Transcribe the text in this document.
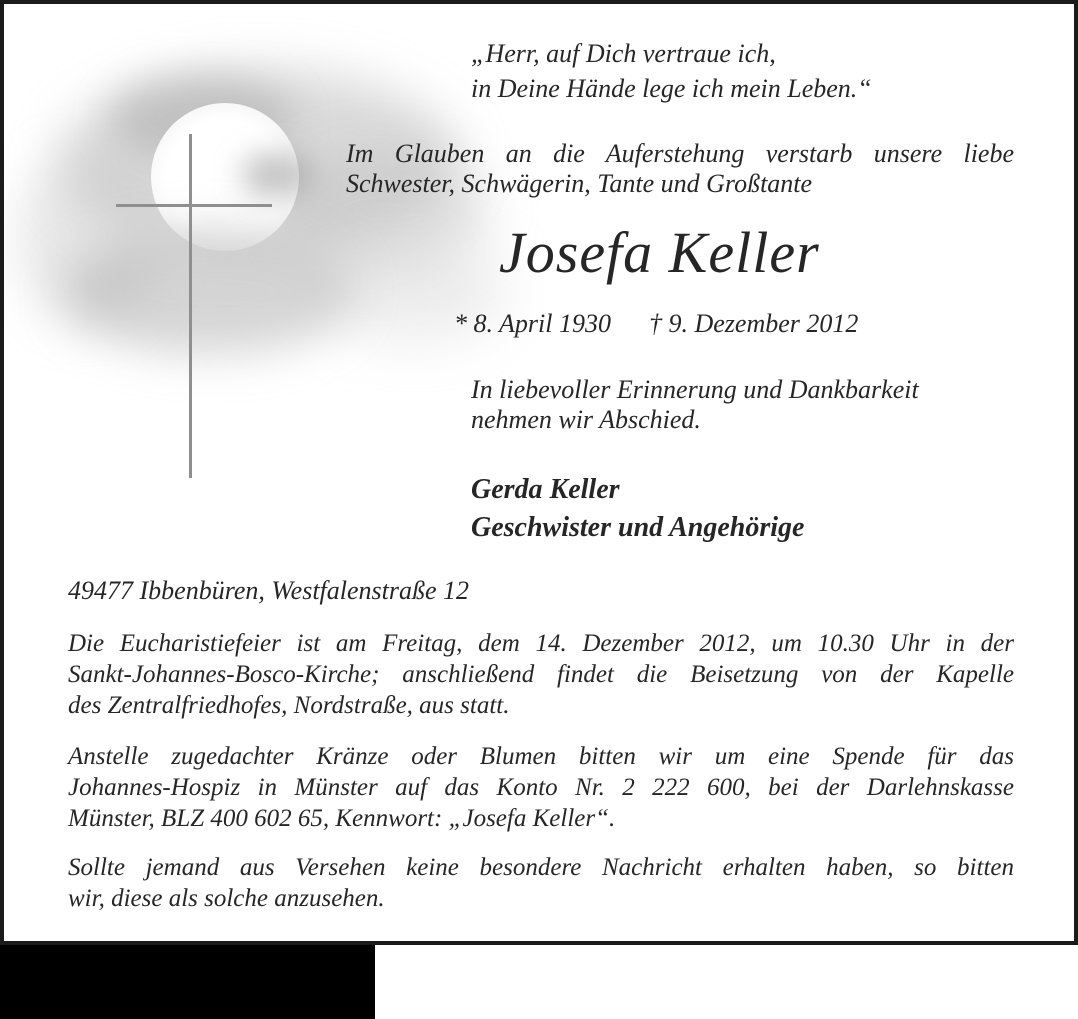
„Herr, auf Dich vertraue ich,
in Deine Hände lege ich mein Leben.“
Im Glauben an die Auferstehung verstarb unsere liebe
Schwester, Schwägerin, Tante und Großtante
Josefa Keller
* 8. April 1930 † 9. Dezember 2012
In liebevoller Erinnerung und Dankbarkeit
nehmen wir Abschied.
Gerda Keller
Geschwister und Angehörige
49477 Ibbenbüren, Westfalenstraße 12
Die Eucharistiefeier ist am Freitag, dem 14. Dezember 2012, um 10.30 Uhr in der
Sankt-Johannes-Bosco-Kirche; anschließend findet die Beisetzung von der Kapelle
des Zentralfriedhofes, Nordstraße, aus statt.
Anstelle zugedachter Kränze oder Blumen bitten wir um eine Spende für das
Johannes-Hospiz in Münster auf das Konto Nr. 2 222 600, bei der Darlehnskasse
Münster, BLZ 400 602 65, Kennwort: „Josefa Keller“.
Sollte jemand aus Versehen keine besondere Nachricht erhalten haben, so bitten
wir, diese als solche anzusehen.
